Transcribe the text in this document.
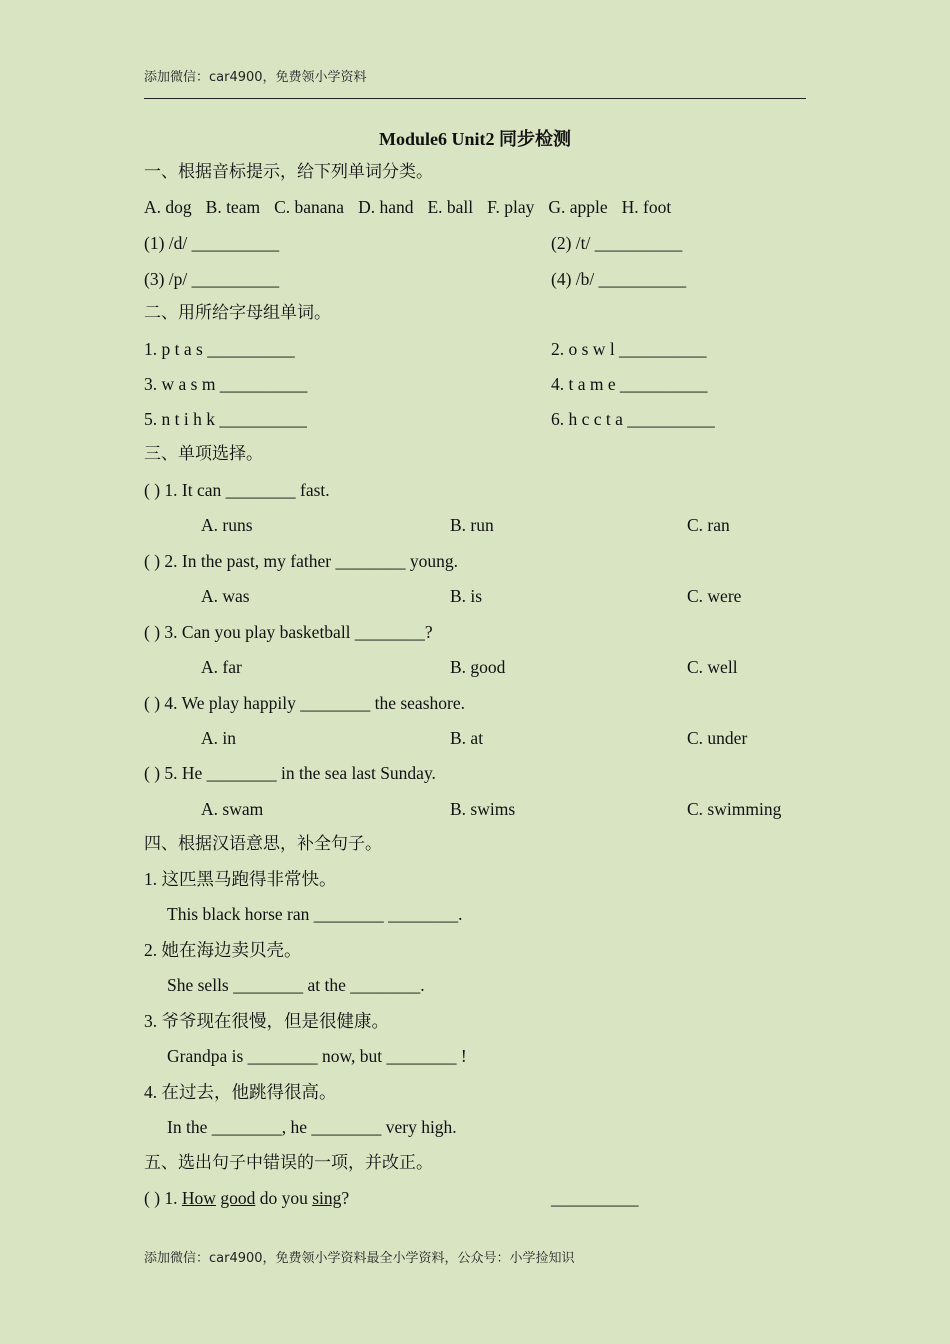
添加微信：car4900，免费领小学资料
Module6 Unit2 同步检测
一、根据音标提示，给下列单词分类。
A. dog B. team C. banana D. hand E. ball F. play G. apple H. foot
(1) /d/ __________	(2) /t/ __________
(3) /p/ __________	(4) /b/ __________
二、用所给字母组单词。
1. p t a s __________	2. o s w l __________
3. w a s m __________	4. t a m e __________
5. n t i h k __________	6. h c c t a __________
三、单项选择。
( ) 1. It can ________ fast.
A. runs	B. run	C. ran
( ) 2. In the past, my father ________ young.
A. was	B. is	C. were
( ) 3. Can you play basketball ________?
A. far	B. good	C. well
( ) 4. We play happily ________ the seashore.
A. in	B. at	C. under
( ) 5. He ________ in the sea last Sunday.
A. swam	B. swims	C. swimming
四、根据汉语意思，补全句子。
1. 这匹黑马跑得非常快。
This black horse ran ________ ________.
2. 她在海边卖贝壳。
She sells ________ at the ________.
3. 爷爷现在很慢，但是很健康。
Grandpa is ________ now, but ________ !
4. 在过去，他跳得很高。
In the ________, he ________ very high.
五、选出句子中错误的一项，并改正。
( ) 1. How good do you sing?	__________
添加微信：car4900，免费领小学资料最全小学资料，公众号：小学捡知识
